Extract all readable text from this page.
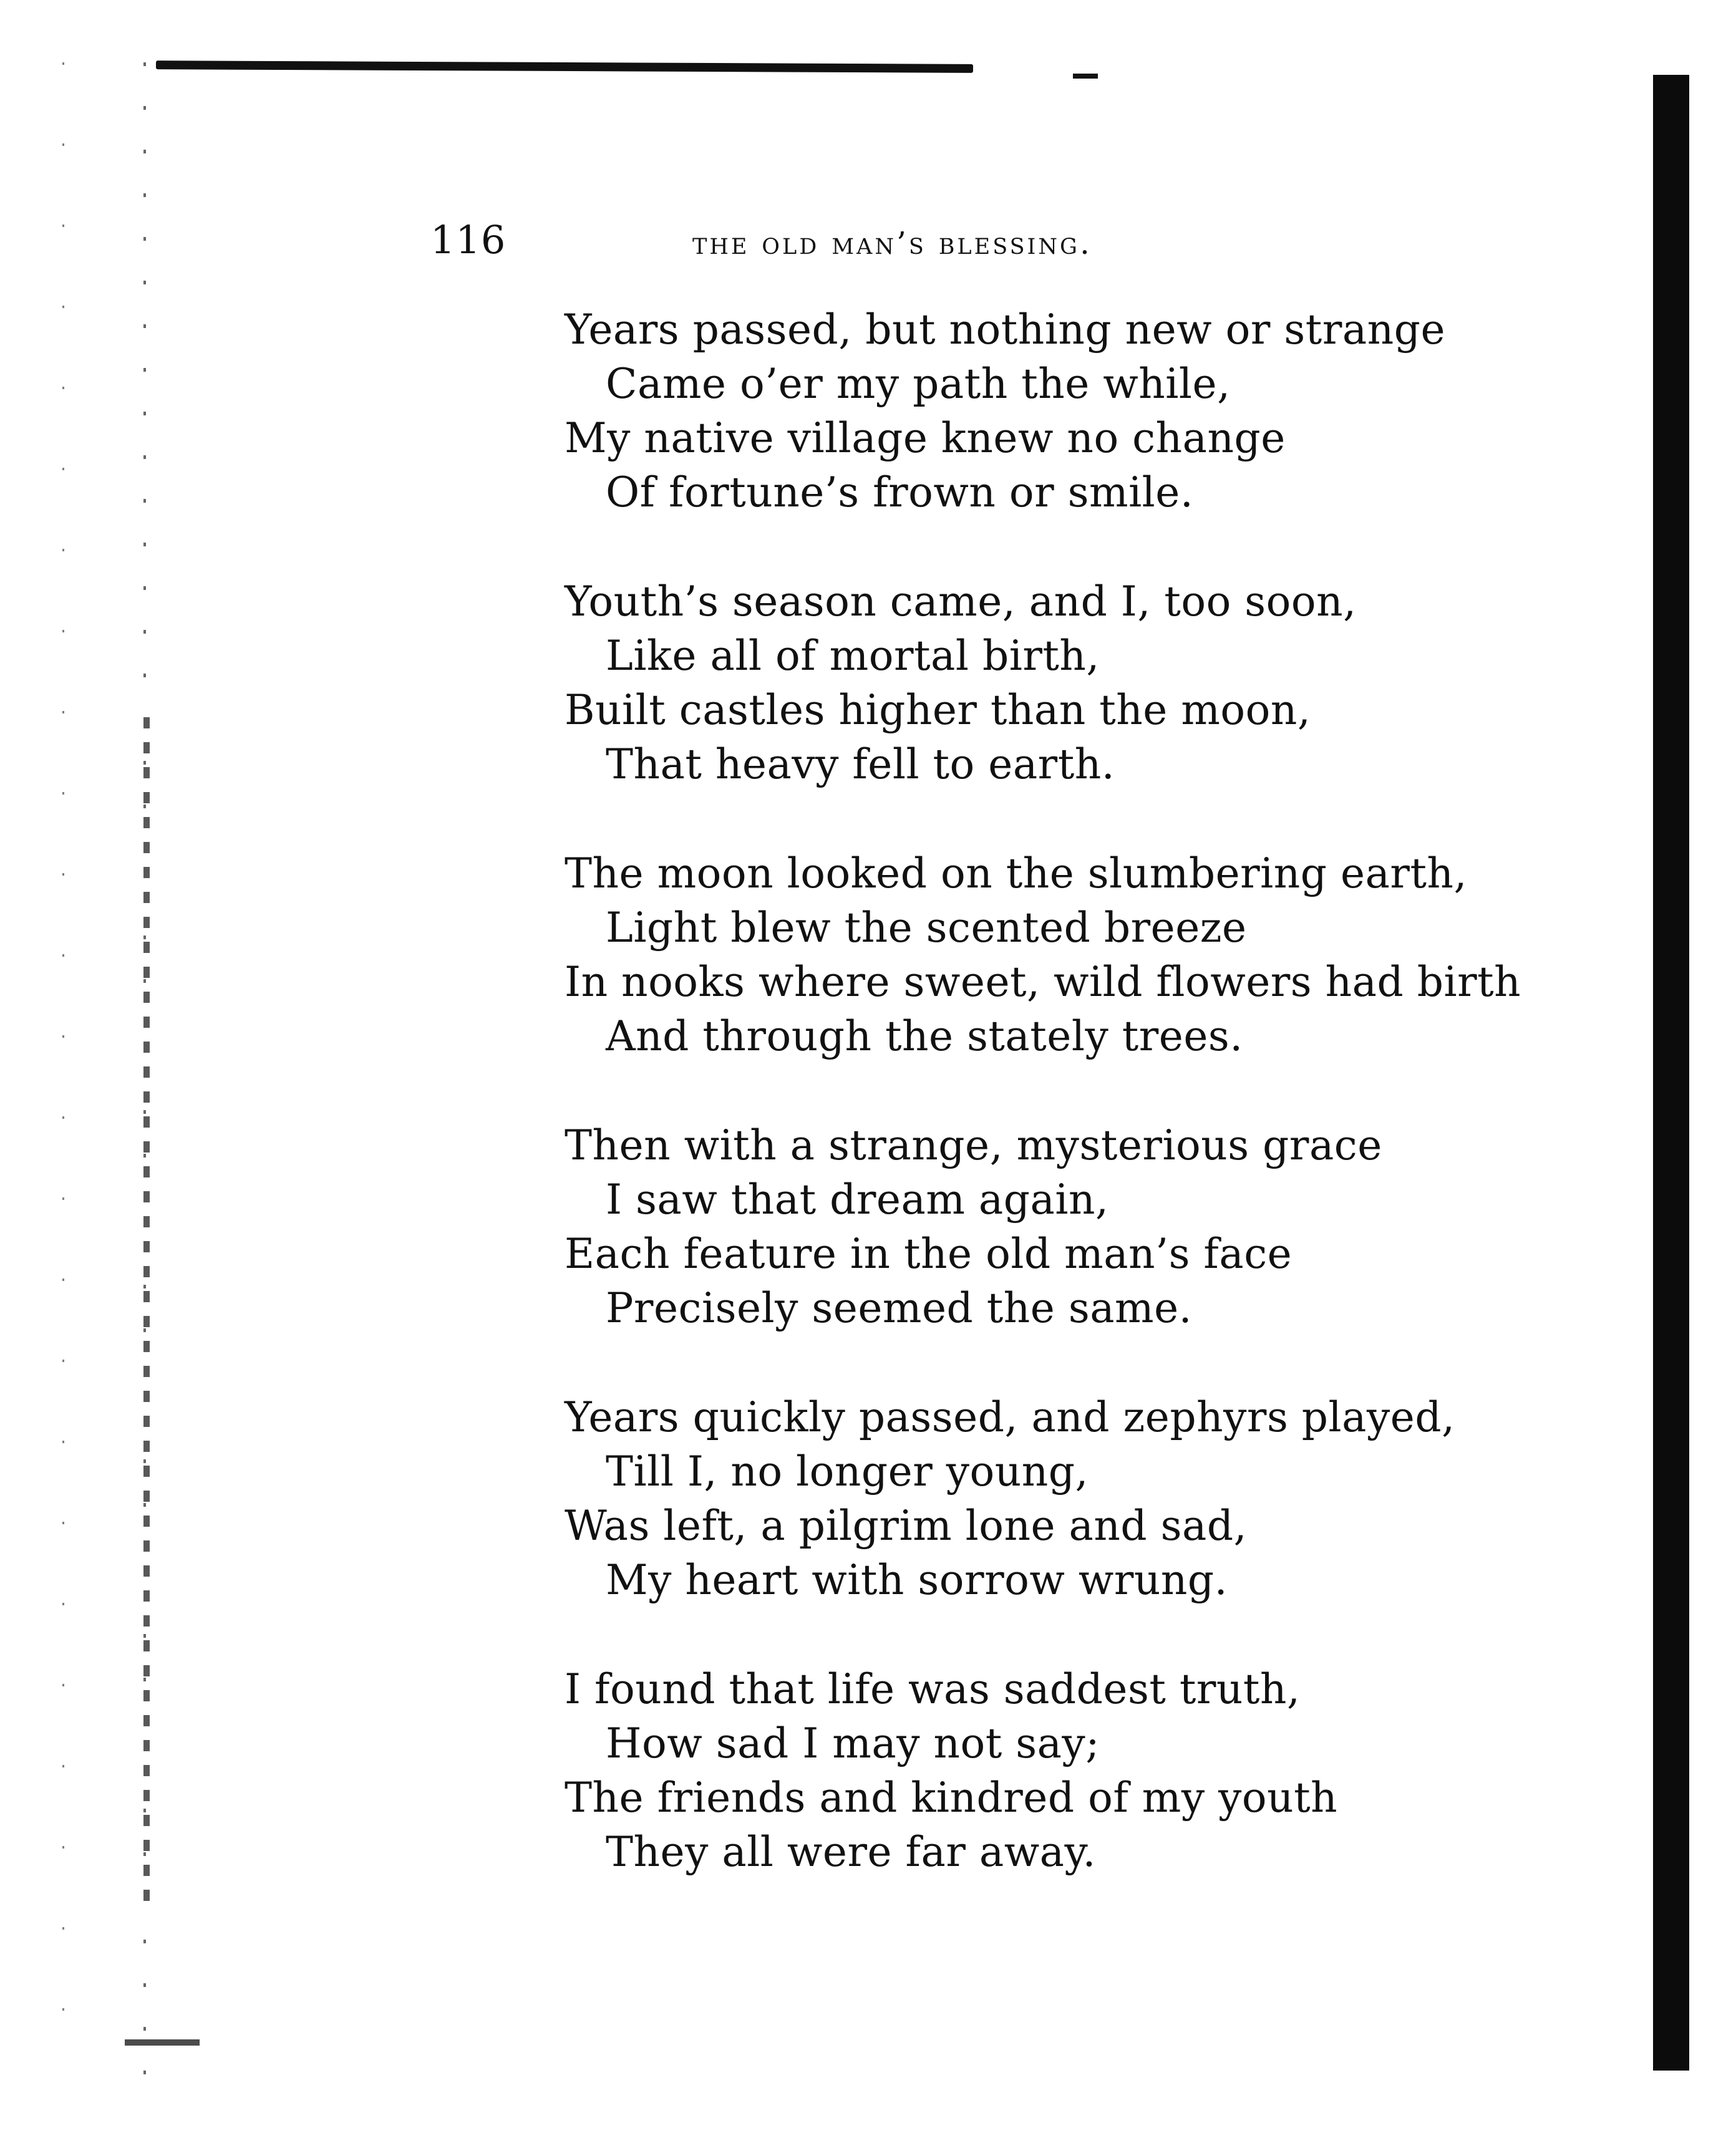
116	the old man’s blessing.
Years passed, but nothing new or strange
Came o’er my path the while,
My native village knew no change
Of fortune’s frown or smile.
Youth’s season came, and I, too soon,
Like all of mortal birth,
Built castles higher than the moon,
That heavy fell to earth.
The moon looked on the slumbering earth,
Light blew the scented breeze
In nooks where sweet, wild flowers had birth
And through the stately trees.
Then with a strange, mysterious grace
I saw that dream again,
Each feature in the old man’s face
Precisely seemed the same.
Years quickly passed, and zephyrs played,
Till I, no longer young,
Was left, a pilgrim lone and sad,
My heart with sorrow wrung.
I found that life was saddest truth,
How sad I may not say;
The friends and kindred of my youth
They all were far away.
